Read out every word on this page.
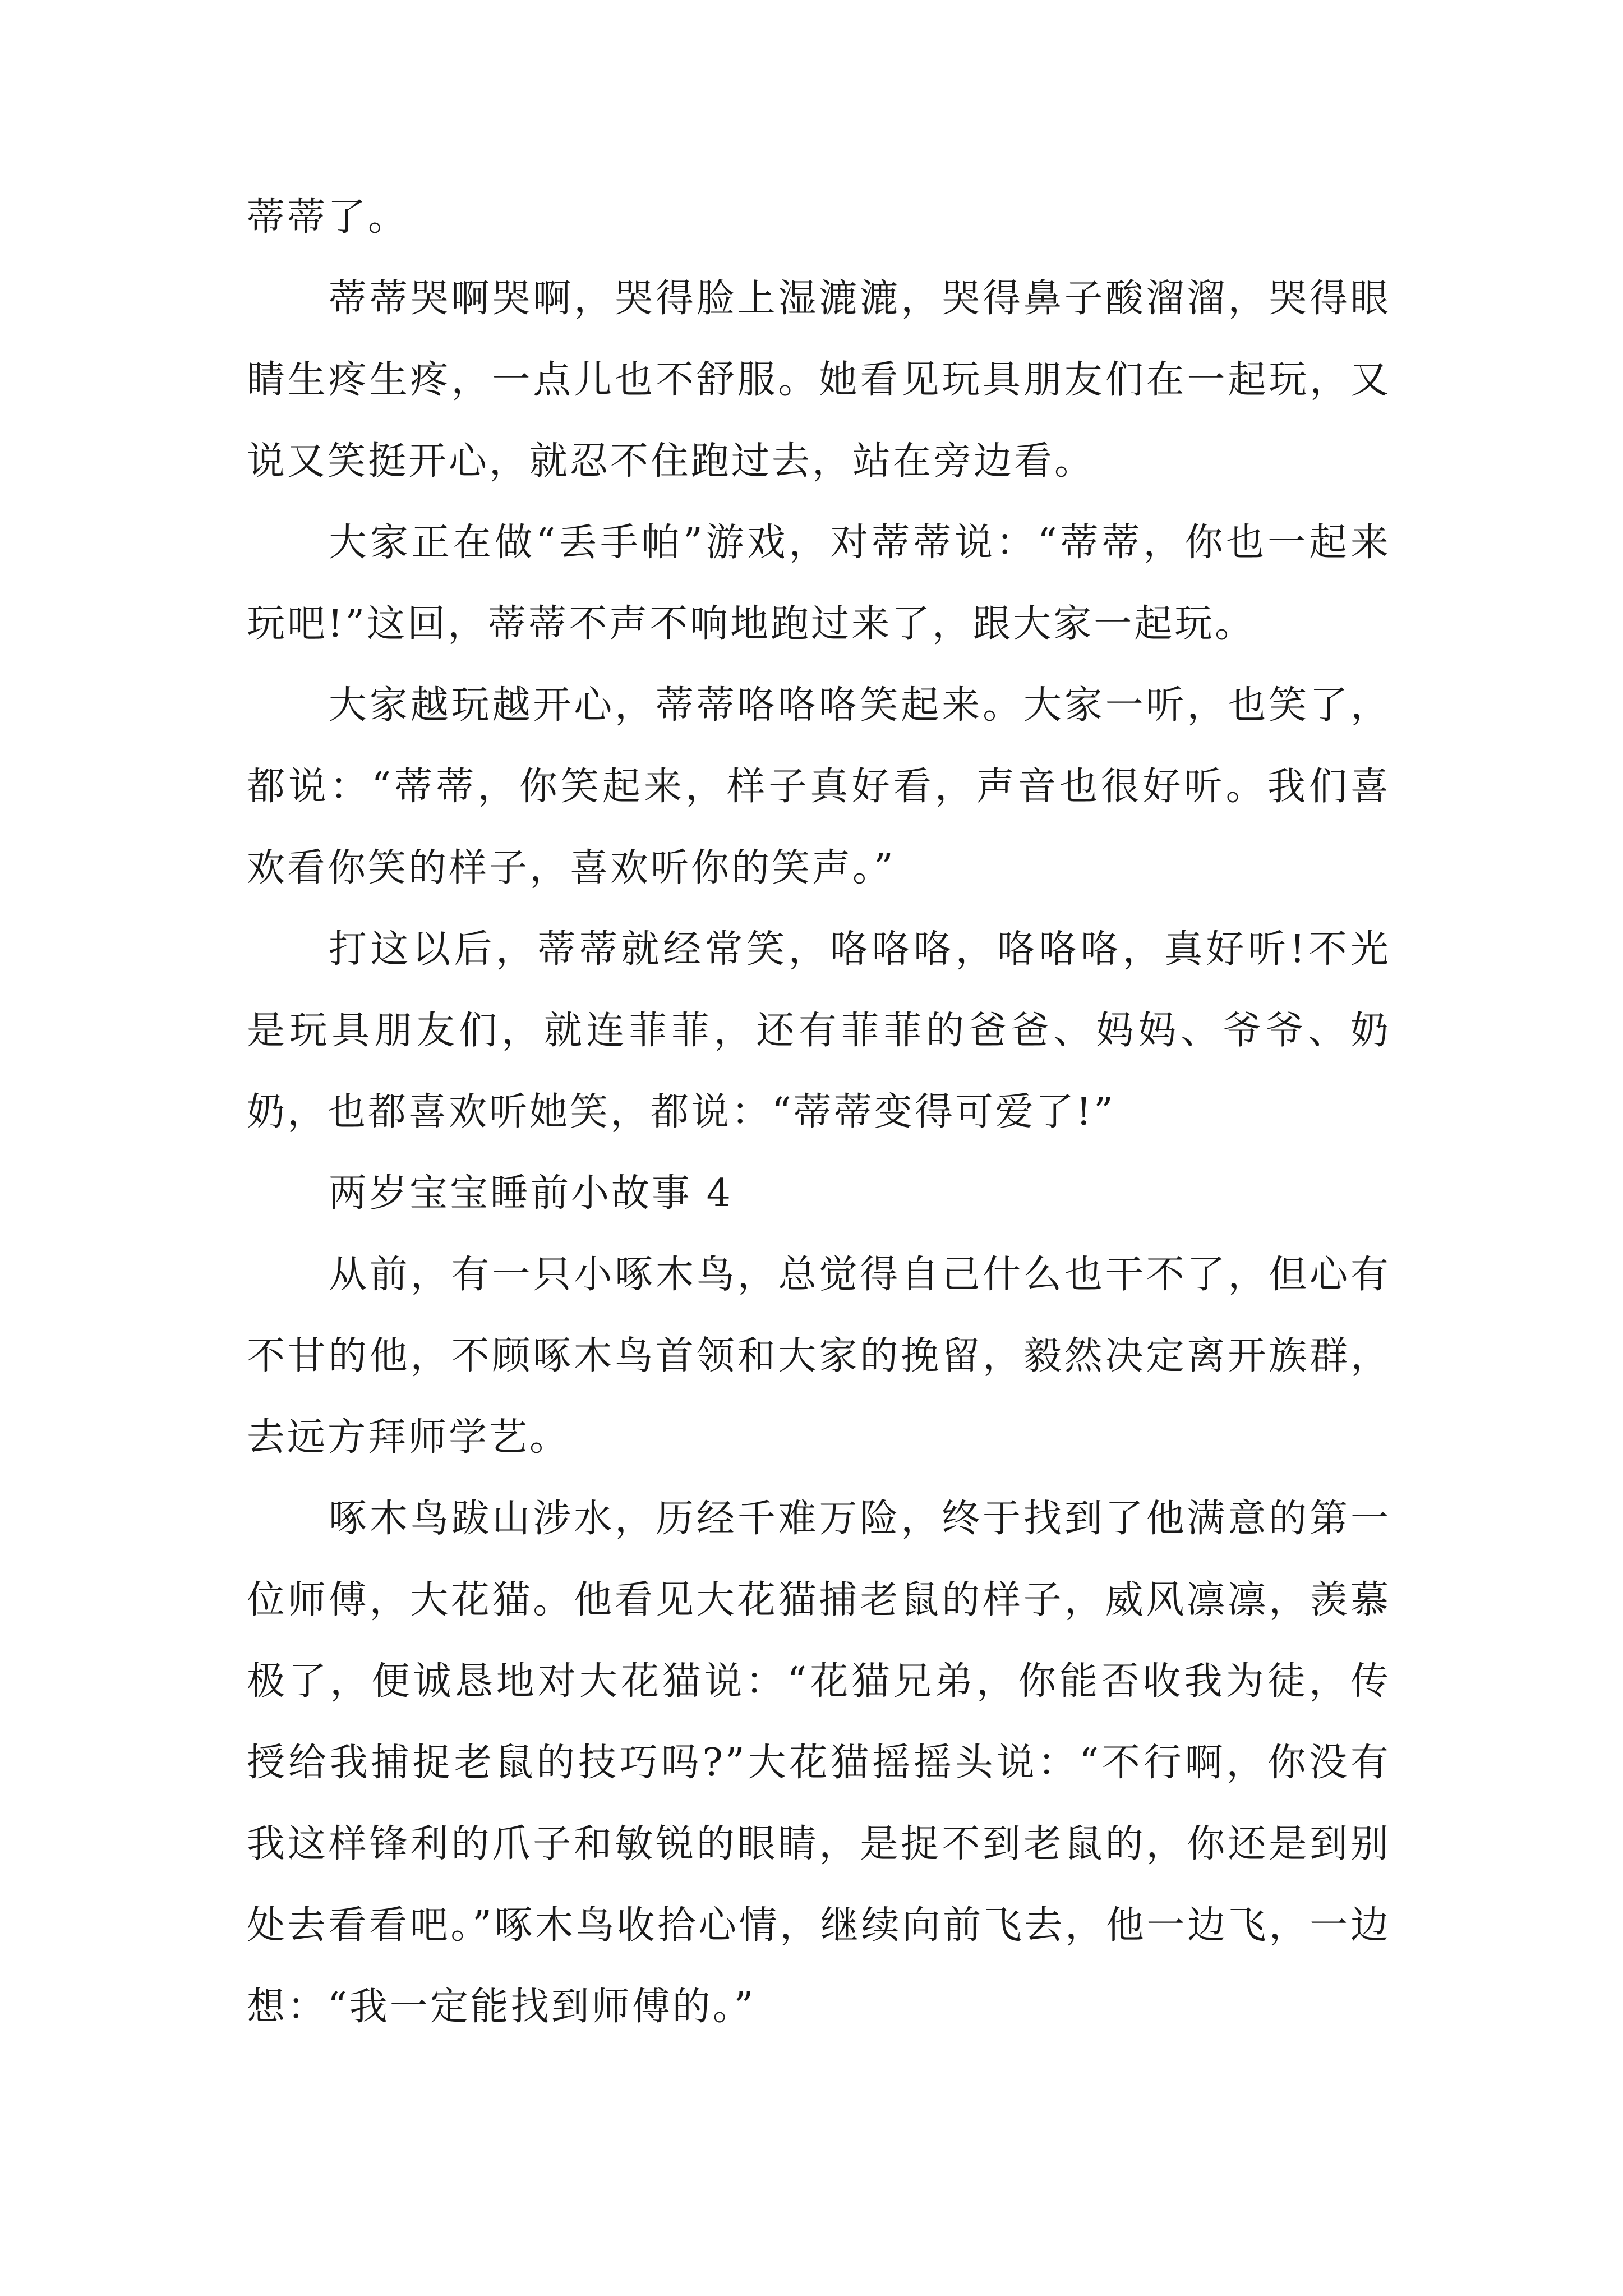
蒂蒂了。

蒂蒂哭啊哭啊，哭得脸上湿漉漉，哭得鼻子酸溜溜，哭得眼睛生疼生疼，一点儿也不舒服。她看见玩具朋友们在一起玩，又说又笑挺开心，就忍不住跑过去，站在旁边看。

大家正在做“丢手帕”游戏，对蒂蒂说：“蒂蒂，你也一起来玩吧!”这回，蒂蒂不声不响地跑过来了，跟大家一起玩。

大家越玩越开心，蒂蒂咯咯咯笑起来。大家一听，也笑了，都说：“蒂蒂，你笑起来，样子真好看，声音也很好听。我们喜欢看你笑的样子，喜欢听你的笑声。”

打这以后，蒂蒂就经常笑，咯咯咯，咯咯咯，真好听!不光是玩具朋友们，就连菲菲，还有菲菲的爸爸、妈妈、爷爷、奶奶，也都喜欢听她笑，都说：“蒂蒂变得可爱了!”

两岁宝宝睡前小故事 4

从前，有一只小啄木鸟，总觉得自己什么也干不了，但心有不甘的他，不顾啄木鸟首领和大家的挽留，毅然决定离开族群，去远方拜师学艺。

啄木鸟跋山涉水，历经千难万险，终于找到了他满意的第一位师傅，大花猫。他看见大花猫捕老鼠的样子，威风凛凛，羡慕极了，便诚恳地对大花猫说：“花猫兄弟，你能否收我为徒，传授给我捕捉老鼠的技巧吗?”大花猫摇摇头说：“不行啊，你没有我这样锋利的爪子和敏锐的眼睛，是捉不到老鼠的，你还是到别处去看看吧。”啄木鸟收拾心情，继续向前飞去，他一边飞，一边想：“我一定能找到师傅的。”
